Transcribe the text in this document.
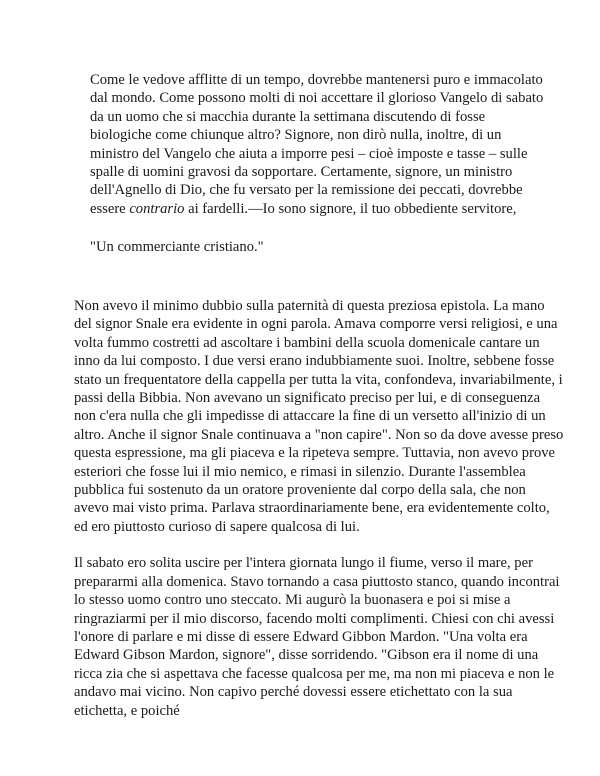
Come le vedove afflitte di un tempo, dovrebbe mantenersi puro e immacolato dal mondo. Come possono molti di noi accettare il glorioso Vangelo di sabato da un uomo che si macchia durante la settimana discutendo di fosse biologiche come chiunque altro? Signore, non dirò nulla, inoltre, di un ministro del Vangelo che aiuta a imporre pesi – cioè imposte e tasse – sulle spalle di uomini gravosi da sopportare. Certamente, signore, un ministro dell'Agnello di Dio, che fu versato per la remissione dei peccati, dovrebbe essere contrario ai fardelli.—Io sono signore, il tuo obbediente servitore,

"Un commerciante cristiano."

Non avevo il minimo dubbio sulla paternità di questa preziosa epistola. La mano del signor Snale era evidente in ogni parola. Amava comporre versi religiosi, e una volta fummo costretti ad ascoltare i bambini della scuola domenicale cantare un inno da lui composto. I due versi erano indubbiamente suoi. Inoltre, sebbene fosse stato un frequentatore della cappella per tutta la vita, confondeva, invariabilmente, i passi della Bibbia. Non avevano un significato preciso per lui, e di conseguenza non c'era nulla che gli impedisse di attaccare la fine di un versetto all'inizio di un altro. Anche il signor Snale continuava a "non capire". Non so da dove avesse preso questa espressione, ma gli piaceva e la ripeteva sempre. Tuttavia, non avevo prove esteriori che fosse lui il mio nemico, e rimasi in silenzio. Durante l'assemblea pubblica fui sostenuto da un oratore proveniente dal corpo della sala, che non avevo mai visto prima. Parlava straordinariamente bene, era evidentemente colto, ed ero piuttosto curioso di sapere qualcosa di lui.

Il sabato ero solita uscire per l'intera giornata lungo il fiume, verso il mare, per prepararmi alla domenica. Stavo tornando a casa piuttosto stanco, quando incontrai lo stesso uomo contro uno steccato. Mi augurò la buonasera e poi si mise a ringraziarmi per il mio discorso, facendo molti complimenti. Chiesi con chi avessi l'onore di parlare e mi disse di essere Edward Gibbon Mardon. "Una volta era Edward Gibson Mardon, signore", disse sorridendo. "Gibson era il nome di una ricca zia che si aspettava che facesse qualcosa per me, ma non mi piaceva e non le andavo mai vicino. Non capivo perché dovessi essere etichettato con la sua etichetta, e poiché
